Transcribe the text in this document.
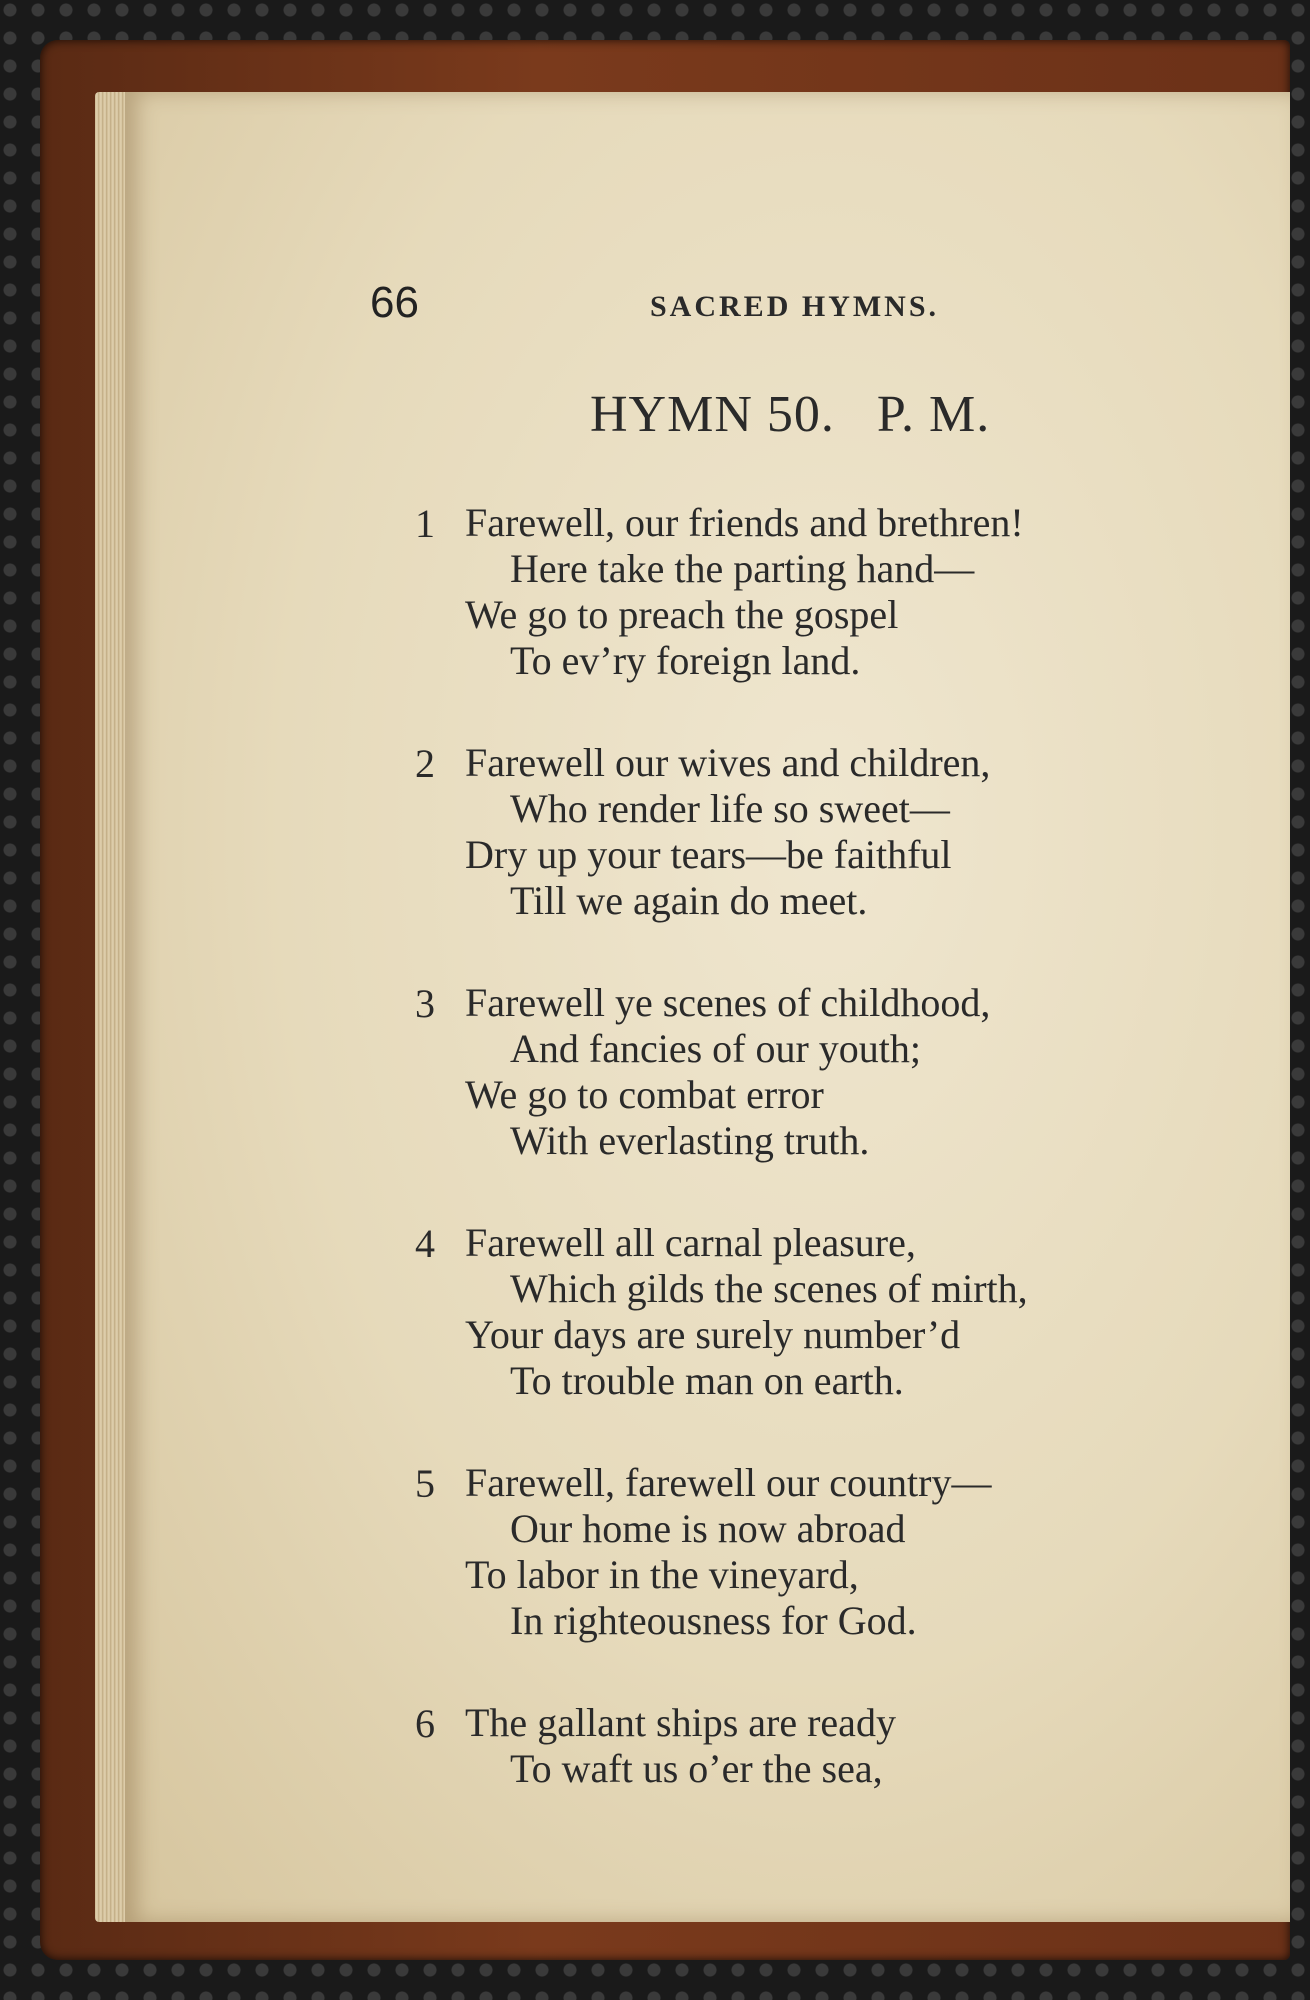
66	SACRED HYMNS.
HYMN 50.   P. M.
1 Farewell, our friends and brethren!
Here take the parting hand—
We go to preach the gospel
To ev’ry foreign land.
2 Farewell our wives and children,
Who render life so sweet—
Dry up your tears—be faithful
Till we again do meet.
3 Farewell ye scenes of childhood,
And fancies of our youth;
We go to combat error
With everlasting truth.
4 Farewell all carnal pleasure,
Which gilds the scenes of mirth,
Your days are surely number’d
To trouble man on earth.
5 Farewell, farewell our country—
Our home is now abroad
To labor in the vineyard,
In righteousness for God.
6 The gallant ships are ready
To waft us o’er the sea,
